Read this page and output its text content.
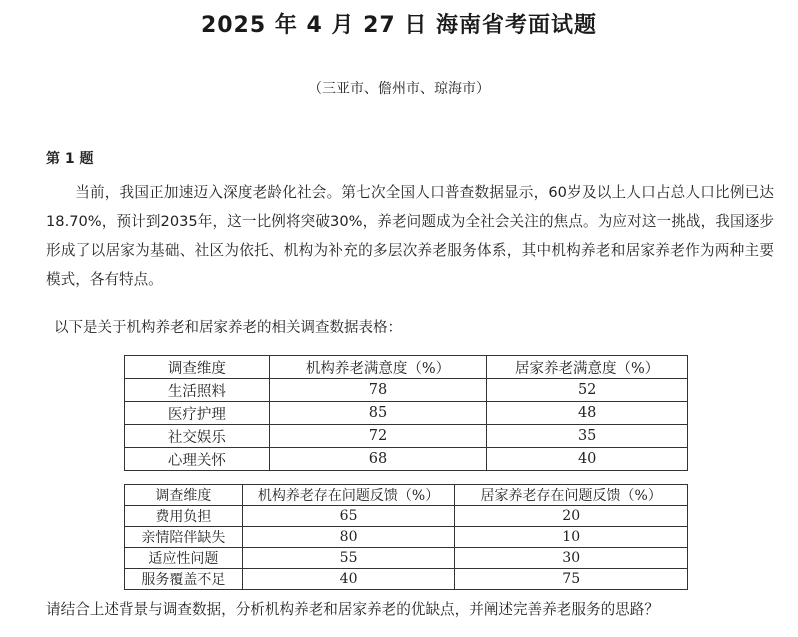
2025 年 4 月 27 日 海南省考面试题
（三亚市、儋州市、琼海市）
第 1 题
当前，我国正加速迈入深度老龄化社会。第七次全国人口普查数据显示，60岁及以上人口占总人口比例已达18.70%，预计到2035年，这一比例将突破30%，养老问题成为全社会关注的焦点。为应对这一挑战，我国逐步形成了以居家为基础、社区为依托、机构为补充的多层次养老服务体系，其中机构养老和居家养老作为两种主要模式，各有特点。
以下是关于机构养老和居家养老的相关调查数据表格：
调查维度	机构养老满意度（%）	居家养老满意度（%）
生活照料	78	52
医疗护理	85	48
社交娱乐	72	35
心理关怀	68	40
调查维度	机构养老存在问题反馈（%）	居家养老存在问题反馈（%）
费用负担	65	20
亲情陪伴缺失	80	10
适应性问题	55	30
服务覆盖不足	40	75
请结合上述背景与调查数据，分析机构养老和居家养老的优缺点，并阐述完善养老服务的思路？
